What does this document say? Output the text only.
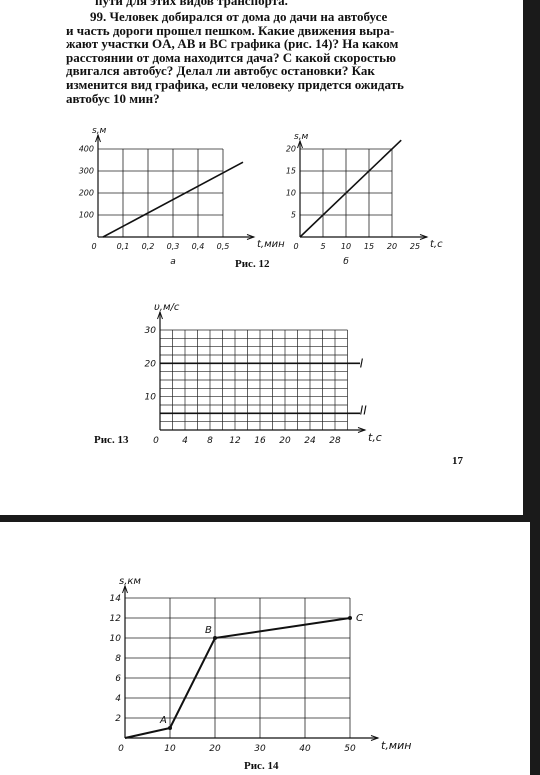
пути для этих видов транспорта.
99. Человек добирался от дома до дачи на автобусе
и часть дороги прошел пешком. Какие движения выра-
жают участки OA, AB и BC графика (рис. 14)? На каком
расстоянии от дома находится дача? С какой скоростью
двигался автобус? Делал ли автобус остановки? Как
изменится вид графика, если человеку придется ожидать
автобус 10 мин?
0	0,1 0,2 0,3 0,4 0,5
100
200
300
400
t,мин
s,м
а	Рис. 12
0	5 10 15 20 25
5
10
15
20
t,c
s,м
б
0	4 8 12 16 20 24 28
10
20
30
t,c
υ,м/с
I
II
Рис. 13
17
0	10	20	30	40	50
2
4
6
8
10
12
14
t,мин
s,км
A
B
C
Рис. 14
